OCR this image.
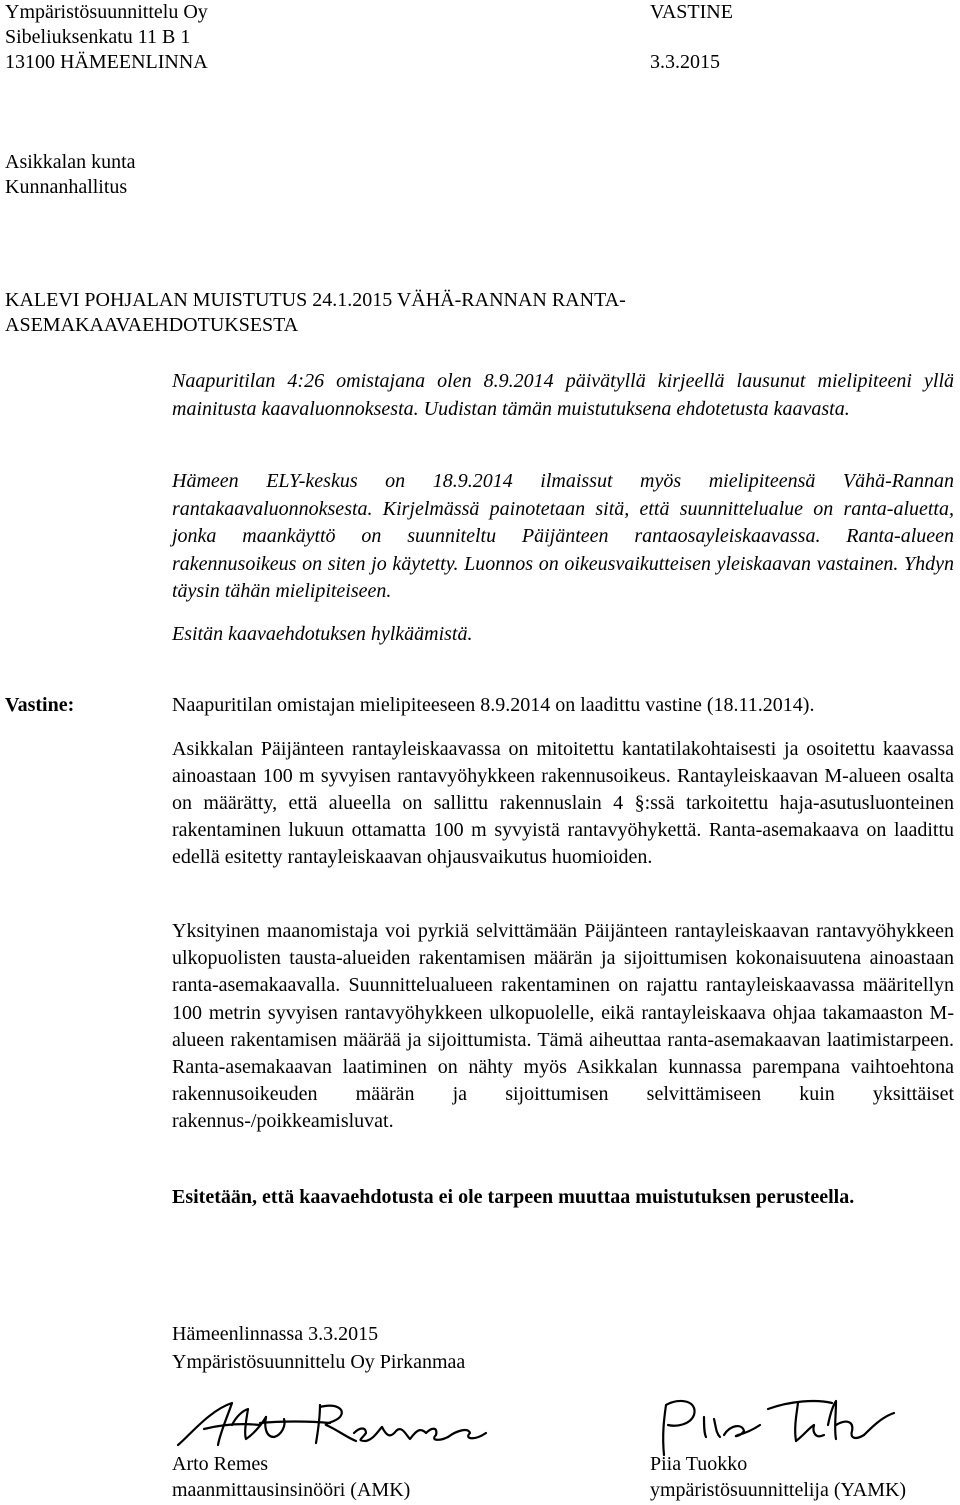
Ympäristösuunnittelu Oy
Sibeliuksenkatu 11 B 1
13100 HÄMEENLINNA
VASTINE
3.3.2015
Asikkalan kunta
Kunnanhallitus
KALEVI POHJALAN MUISTUTUS 24.1.2015 VÄHÄ-RANNAN RANTA-
ASEMAKAAVAEHDOTUKSESTA
Naapuritilan 4:26 omistajana olen 8.9.2014 päivätyllä kirjeellä lausunut mielipiteeni yllä mainitusta kaavaluonnoksesta. Uudistan tämän muistutuksena ehdotetusta kaavasta.
Hämeen ELY-keskus on 18.9.2014 ilmaissut myös mielipiteensä Vähä-Rannan rantakaavaluonnoksesta. Kirjelmässä painotetaan sitä, että suunnittelualue on ranta-aluetta, jonka maankäyttö on suunniteltu Päijänteen rantaosayleiskaavassa. Ranta-alueen rakennusoikeus on siten jo käytetty. Luonnos on oikeusvaikutteisen yleiskaavan vastainen. Yhdyn täysin tähän mielipiteiseen.
Esitän kaavaehdotuksen hylkäämistä.
Vastine:	Naapuritilan omistajan mielipiteeseen 8.9.2014 on laadittu vastine (18.11.2014).
Asikkalan Päijänteen rantayleiskaavassa on mitoitettu kantatilakohtaisesti ja osoitettu kaavassa ainoastaan 100 m syvyisen rantavyöhykkeen rakennusoikeus. Rantayleiskaavan M-alueen osalta on määrätty, että alueella on sallittu rakennuslain 4 §:ssä tarkoitettu haja-asutusluonteinen rakentaminen lukuun ottamatta 100 m syvyistä rantavyöhykettä. Ranta-asemakaava on laadittu edellä esitetty rantayleiskaavan ohjausvaikutus huomioiden.
Yksityinen maanomistaja voi pyrkiä selvittämään Päijänteen rantayleiskaavan rantavyöhykkeen ulkopuolisten tausta-alueiden rakentamisen määrän ja sijoittumisen kokonaisuutena ainoastaan ranta-asemakaavalla. Suunnittelualueen rakentaminen on rajattu rantayleiskaavassa määritellyn 100 metrin syvyisen rantavyöhykkeen ulkopuolelle, eikä rantayleiskaava ohjaa takamaaston M-alueen rakentamisen määrää ja sijoittumista. Tämä aiheuttaa ranta-asemakaavan laatimistarpeen. Ranta-asemakaavan laatiminen on nähty myös Asikkalan kunnassa parempana vaihtoehtona rakennusoikeuden määrän ja sijoittumisen selvittämiseen kuin yksittäiset rakennus-/poikkeamisluvat.
Esitetään, että kaavaehdotusta ei ole tarpeen muuttaa muistutuksen perusteella.
Hämeenlinnassa 3.3.2015
Ympäristösuunnittelu Oy Pirkanmaa
Arto Remes
maanmittausinsinööri (AMK)
Piia Tuokko
ympäristösuunnittelija (YAMK)
